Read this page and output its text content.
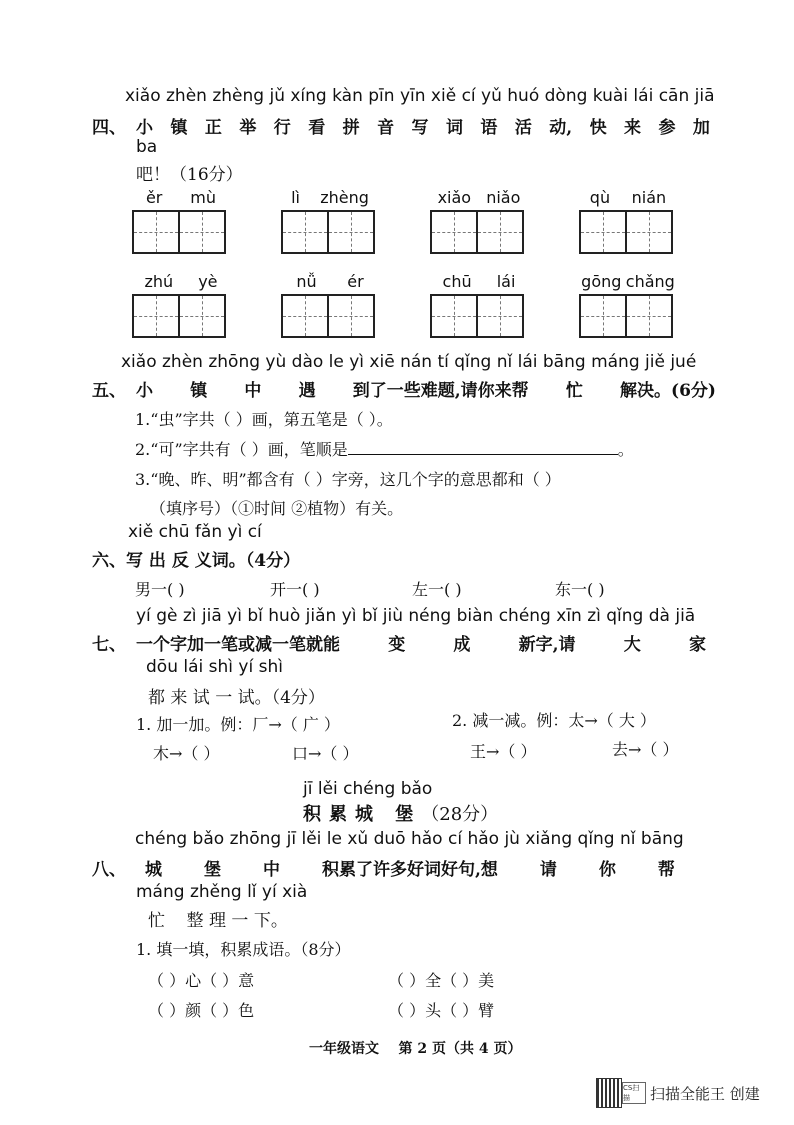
xiǎo zhèn zhèng jǔ xíng kàn pīn yīn xiě cí yǔ huó dòng kuài lái cān jiā
四、 小 镇 正 举 行 看 拼 音 写 词 语 活 动, 快 来 参 加
ba
吧！（16分）
ěr mù	lì zhèng	xiǎo niǎo	qù nián
zhú yè	nǚ ér	chū lái	gōng chǎng
xiǎo zhèn zhōng yù dào le yì xiē nán tí qǐng nǐ lái bāng máng jiě jué
五、 小 镇 中 遇 到了一些难题,请你来帮 忙 解决。(6分)
1.“虫”字共（ ）画，第五笔是（ ）。
2.“可”字共有（ ）画，笔顺是	。
3.“晚、昨、明”都含有（ ）字旁，这几个字的意思都和（ ）
（填序号）（①时间 ②植物）有关。
xiě chū fǎn yì cí
六、写 出 反 义词。（4分）
男一( )	开一( )	左一( )	东一( )
yí gè zì jiā yì bǐ huò jiǎn yì bǐ jiù néng biàn chéng xīn zì qǐng dà jiā
七、 一个字加一笔或减一笔就能	变	成	新字,请	大	家
dōu lái shì yí shì
都 来 试 一 试。（4分）
1. 加一加。例：厂→（ 广 ）	2. 减一减。例：太→（ 大 ）
木→（ ）	口→（ ）	王→（ ）	去→（ ）
jī lěi chéng bǎo
积累城 堡（28分）
chéng bǎo zhōng jī lěi le xǔ duō hǎo cí hǎo jù xiǎng qǐng nǐ bāng
八、 城 堡 中 积累了许多好词好句,想 请 你 帮
máng zhěng lǐ yí xià
忙    整 理 一 下。
1. 填一填，积累成语。（8分）
（ ）心（ ）意	（ ）全（ ）美
（ ）颜（ ）色	（ ）头（ ）臂
一年级语文    第 2 页（共 4 页）
CS扫描	扫描全能王 创建
